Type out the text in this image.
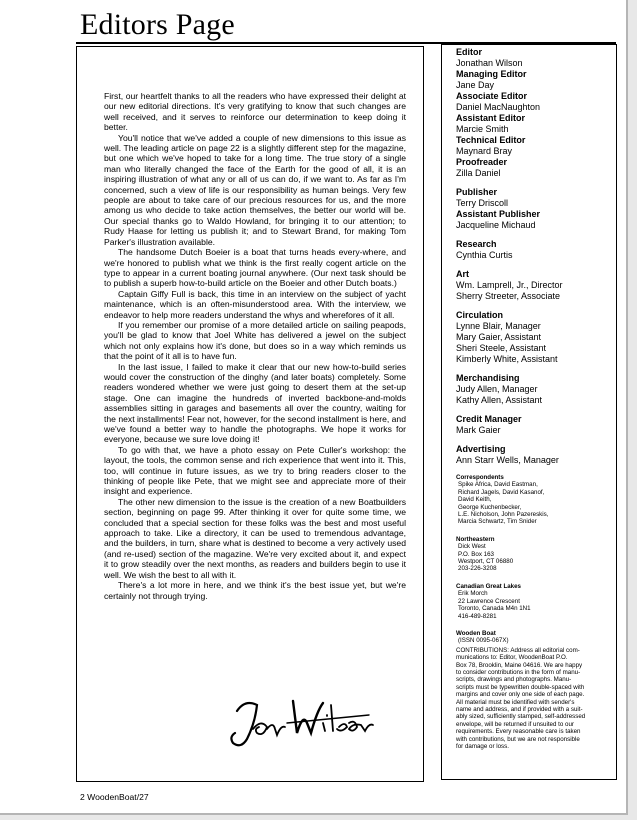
Editors Page

First, our heartfelt thanks to all the readers who have expressed their delight at our new editorial directions. It's very gratifying to know that such changes are well received, and it serves to reinforce our determination to keep doing it better.

You'll notice that we've added a couple of new dimensions to this issue as well. The leading article on page 22 is a slightly different step for the magazine, but one which we've hoped to take for a long time. The true story of a single man who literally changed the face of the Earth for the good of all, it is an inspiring illustration of what any or all of us can do, if we want to. As far as I'm concerned, such a view of life is our responsibility as human beings. Very few people are about to take care of our precious resources for us, and the more among us who decide to take action themselves, the better our world will be. Our special thanks go to Waldo Howland, for bringing it to our attention; to Rudy Haase for letting us publish it; and to Stewart Brand, for making Tom Parker's illustration available.

The handsome Dutch Boeier is a boat that turns heads every-where, and we're honored to publish what we think is the first really cogent article on the type to appear in a current boating journal anywhere. (Our next task should be to publish a superb how-to-build article on the Boeier and other Dutch boats.)

Captain Giffy Full is back, this time in an interview on the subject of yacht maintenance, which is an often-misunderstood area. With the interview, we endeavor to help more readers understand the whys and wherefores of it all.

If you remember our promise of a more detailed article on sailing peapods, you'll be glad to know that Joel White has delivered a jewel on the subject which not only explains how it's done, but does so in a way which reminds us that the point of it all is to have fun.

In the last issue, I failed to make it clear that our new how-to-build series would cover the construction of the dinghy (and later boats) completely. Some readers wondered whether we were just going to desert them at the set-up stage. One can imagine the hundreds of inverted backbone-and-molds assemblies sitting in garages and basements all over the country, waiting for the next installments! Fear not, however, for the second installment is here, and we've found a better way to handle the photographs. We hope it works for everyone, because we sure love doing it!

To go with that, we have a photo essay on Pete Culler's workshop: the layout, the tools, the common sense and rich experience that went into it. This, too, will continue in future issues, as we try to bring readers closer to the thinking of people like Pete, that we might see and appreciate more of their insight and experience.

The other new dimension to the issue is the creation of a new Boatbuilders section, beginning on page 99. After thinking it over for quite some time, we concluded that a special section for these folks was the best and most useful approach to take. Like a directory, it can be used to tremendous advantage, and the builders, in turn, share what is destined to become a very actively used (and re-used) section of the magazine. We're very excited about it, and expect it to grow steadily over the next months, as readers and builders begin to use it well. We wish the best to all with it.

There's a lot more in here, and we think it's the best issue yet, but we're certainly not through trying.

Editor
Jonathan Wilson
Managing Editor
Jane Day
Associate Editor
Daniel MacNaughton
Assistant Editor
Marcie Smith
Technical Editor
Maynard Bray
Proofreader
Zilla Daniel
Publisher
Terry Driscoll
Assistant Publisher
Jacqueline Michaud
Research
Cynthia Curtis
Art
Wm. Lamprell, Jr., Director
Sherry Streeter, Associate
Circulation
Lynne Blair, Manager
Mary Gaier, Assistant
Sheri Steele, Assistant
Kimberly White, Assistant
Merchandising
Judy Allen, Manager
Kathy Allen, Assistant
Credit Manager
Mark Gaier
Advertising
Ann Starr Wells, Manager
Correspondents
Spike Africa, David Eastman,
Richard Jagels, David Kasanof,
David Keith,
George Kuchenbecker,
L.E. Nicholson, John Pazereskis,
Marcia Schwartz, Tim Snider
Northeastern
Dick West
P.O. Box 163
Westport, CT 06880
203-226-3208
Canadian Great Lakes
Erik Morch
22 Lawrence Crescent
Toronto, Canada M4n 1N1
416-489-8281
Wooden Boat
(ISSN 0095-067X)
CONTRIBUTIONS: Address all editorial com-
munications to: Editor, WoodenBoat P.O.
Box 78, Brooklin, Maine 04616. We are happy
to consider contributions in the form of manu-
scripts, drawings and photographs. Manu-
scripts must be typewritten double-spaced with
margins and cover only one side of each page.
All material must be identified with sender's
name and address, and if provided with a suit-
ably sized, sufficiently stamped, self-addressed
envelope, will be returned if unsuited to our
requirements. Every reasonable care is taken
with contributions, but we are not responsible
for damage or loss.
2 WoodenBoat/27
